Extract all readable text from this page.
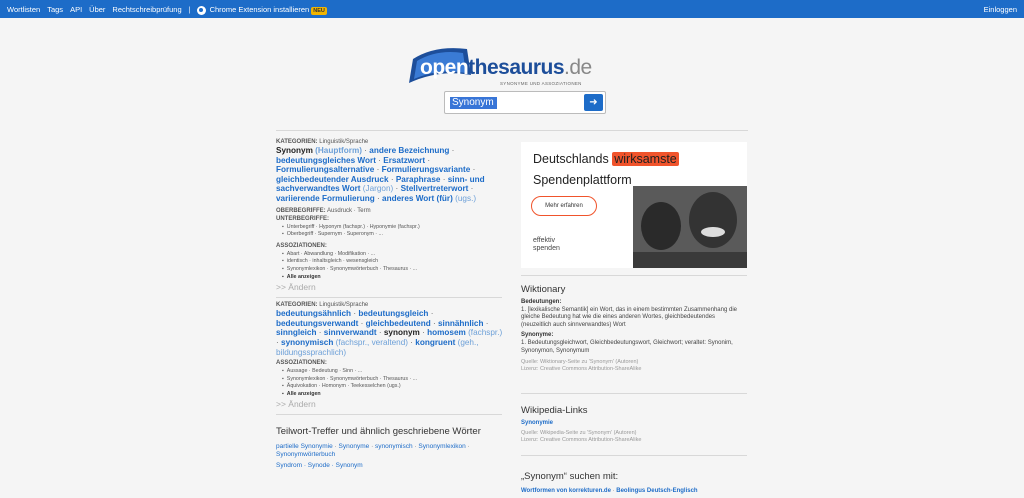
Wortlisten Tags API Über Rechtschreibprüfung |	Chrome Extension installieren NEU	Einloggen
openthesaurus.de
SYNONYME UND ASSOZIATIONEN
Synonym
➜
KATEGORIEN: Linguistik/Sprache
Synonym (Hauptform) · andere Bezeichnung · bedeutungsgleiches Wort · Ersatzwort · Formulierungsalternative · Formulierungsvariante · gleichbedeutender Ausdruck · Paraphrase · sinn- und sachverwandtes Wort (Jargon) · Stellvertreterwort · variierende Formulierung · anderes Wort (für) (ugs.)
OBERBEGRIFFE: Ausdruck · Term
UNTERBEGRIFFE:
▪ Unterbegriff · Hyponym (fachspr.) · Hyponymie (fachspr.)
▪ Oberbegriff · Supernym · Superonym · ...
ASSOZIATIONEN:
▪ Abart · Abwandlung · Modifikation · ...
▪ identisch · inhaltsgleich · wesensgleich
▪ Synonymlexikon · Synonymwörterbuch · Thesaurus · ...
▪ Alle anzeigen
>> Ändern
KATEGORIEN: Linguistik/Sprache
bedeutungsähnlich · bedeutungsgleich · bedeutungsverwandt · gleichbedeutend · sinnähnlich · sinngleich · sinnverwandt · synonym · homosem (fachspr.) · synonymisch (fachspr., veraltend) · kongruent (geh., bildungssprachlich)
ASSOZIATIONEN:
▪ Aussage · Bedeutung · Sinn · ...
▪ Synonymlexikon · Synonymwörterbuch · Thesaurus · ...
▪ Äquivokation · Homonym · Teekesselchen (ugs.)
▪ Alle anzeigen
>> Ändern
Teilwort-Treffer und ähnlich geschriebene Wörter
partielle Synonymie · Synonyme · synonymisch · Synonymlexikon · Synonymwörterbuch
Syndrom · Synode · Synonym
Deutschlands wirksamste
Spendenplattform
Mehr erfahren
effektiv
spenden
Wiktionary
Bedeutungen:
1. [lexikalische Semantik] ein Wort, das in einem bestimmten Zusammenhang die gleiche Bedeutung hat wie die eines anderen Wortes, gleichbedeutendes (neuzeitlich auch sinnverwandtes) Wort
Synonyme:
1. Bedeutungsgleichwort, Gleichbedeutungswort, Gleichwort; veraltet: Synonim, Synonymon, Synonymum
Quelle: Wiktionary-Seite zu 'Synonym' (Autoren)
Lizenz: Creative Commons Attribution-ShareAlike
Wikipedia-Links
Synonymie
Quelle: Wikipedia-Seite zu 'Synonym' (Autoren)
Lizenz: Creative Commons Attribution-ShareAlike
„Synonym“ suchen mit:
Wortformen von korrekturen.de · Beolingus Deutsch-Englisch
